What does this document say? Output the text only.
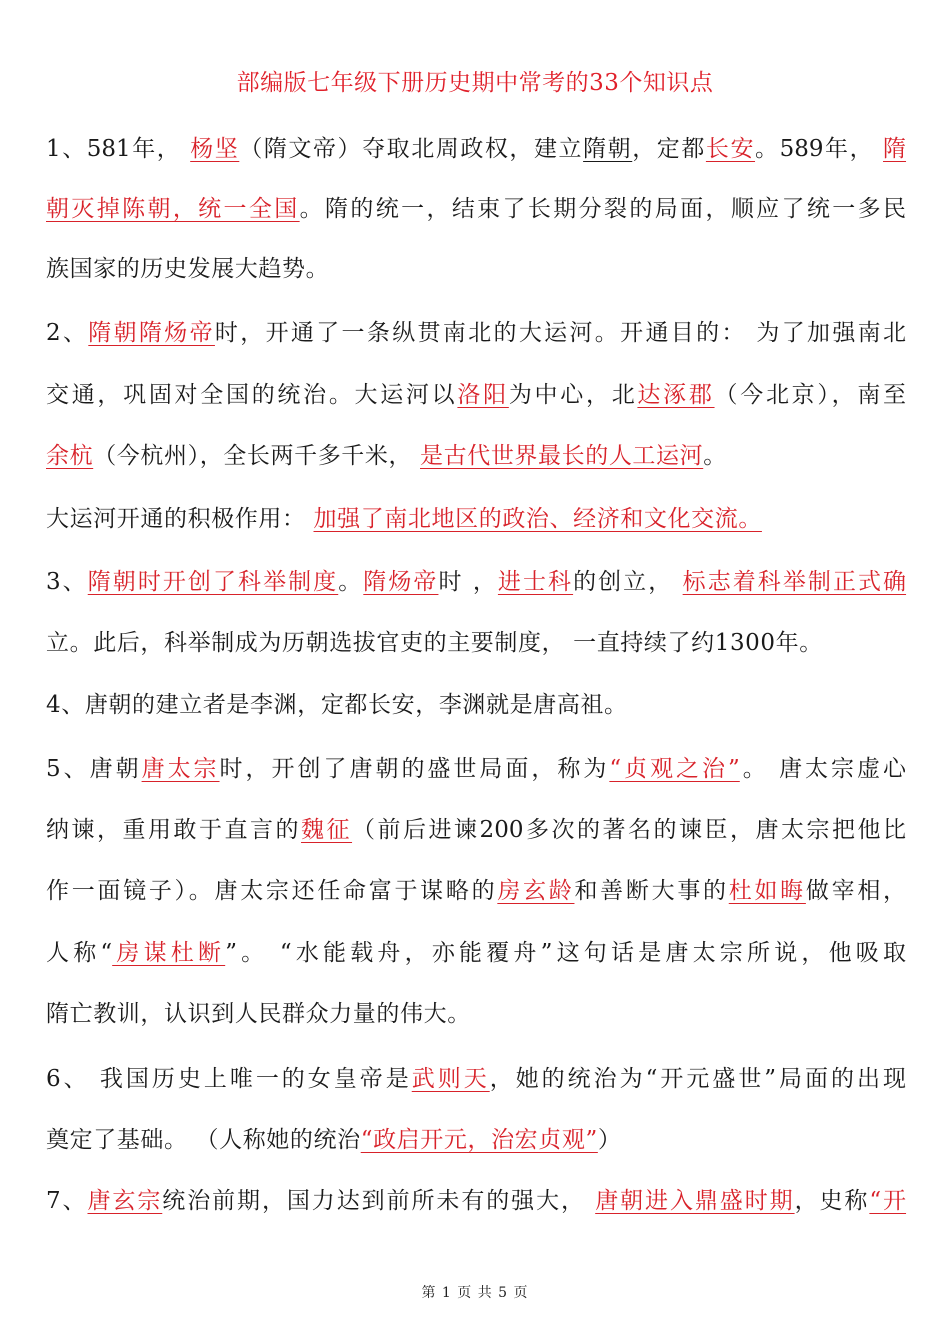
部编版七年级下册历史期中常考的33个知识点
1、581年， 杨坚（隋文帝）夺取北周政权，建立隋朝，定都长安。589年， 隋
朝灭掉陈朝，统一全国。隋的统一，结束了长期分裂的局面，顺应了统一多民
族国家的历史发展大趋势。
2、隋朝隋炀帝时，开通了一条纵贯南北的大运河。开通目的： 为了加强南北
交通，巩固对全国的统治。大运河以洛阳为中心，北达涿郡（今北京），南至
余杭（今杭州），全长两千多千米， 是古代世界最长的人工运河。
大运河开通的积极作用： 加强了南北地区的政治、经济和文化交流。
3、隋朝时开创了科举制度。隋炀帝时 ，进士科的创立， 标志着科举制正式确
立。此后，科举制成为历朝选拔官吏的主要制度， 一直持续了约1300年。
4、唐朝的建立者是李渊，定都长安，李渊就是唐高祖。
5、唐朝唐太宗时，开创了唐朝的盛世局面，称为“贞观之治”。 唐太宗虚心
纳谏，重用敢于直言的魏征（前后进谏200多次的著名的谏臣，唐太宗把他比
作一面镜子）。唐太宗还任命富于谋略的房玄龄和善断大事的杜如晦做宰相，
人称“房谋杜断”。 “水能载舟，亦能覆舟”这句话是唐太宗所说，他吸取
隋亡教训，认识到人民群众力量的伟大。
6、 我国历史上唯一的女皇帝是武则天，她的统治为“开元盛世”局面的出现
奠定了基础。 （人称她的统治“政启开元，治宏贞观”）
7、唐玄宗统治前期，国力达到前所未有的强大， 唐朝进入鼎盛时期，史称“开
第 1 页 共 5 页
